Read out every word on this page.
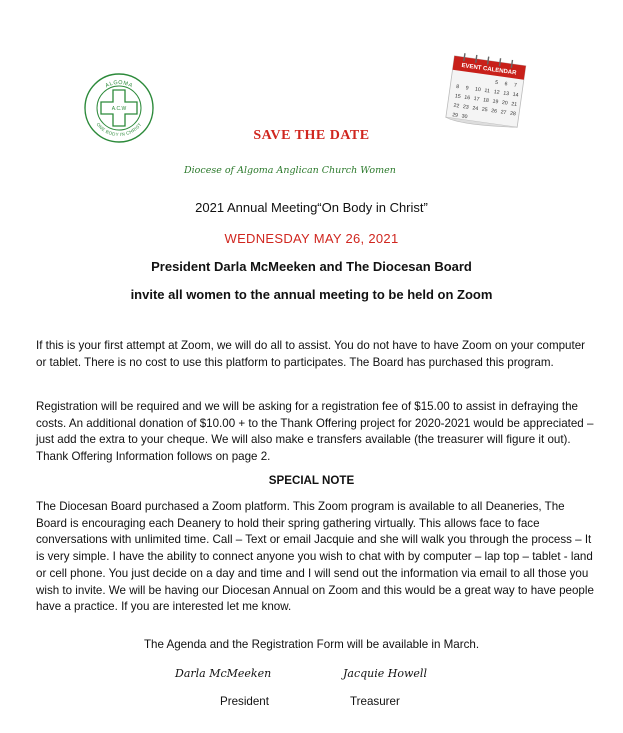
ALGOMA
ONE BODY IN CHRIST
A.C.W
EVENT CALENDAR
5 6 7
8 9 10 11 12 13 14
15 16 17 18 19 20 21
22 23 24 25 26 27 28
29 30
SAVE THE DATE
Diocese of Algoma Anglican Church Women
2021 Annual Meeting“On Body in Christ”
WEDNESDAY MAY 26, 2021
President Darla McMeeken and The Diocesan Board
invite all women to the annual meeting to be held on Zoom

If this is your first attempt at Zoom, we will do all to assist. You do not have to have Zoom on your computer or tablet. There is no cost to use this platform to participates. The Board has purchased this program.

Registration will be required and we will be asking for a registration fee of $15.00 to assist in defraying the costs. An additional donation of $10.00 + to the Thank Offering project for 2020-2021 would be appreciated – just add the extra to your cheque. We will also make e transfers available (the treasurer will figure it out). Thank Offering Information follows on page 2.

SPECIAL NOTE

The Diocesan Board purchased a Zoom platform. This Zoom program is available to all Deaneries, The Board is encouraging each Deanery to hold their spring gathering virtually. This allows face to face conversations with unlimited time. Call – Text or email Jacquie and she will walk you through the process – It is very simple. I have the ability to connect anyone you wish to chat with by computer – lap top – tablet - land or cell phone. You just decide on a day and time and I will send out the information via email to all those you wish to invite. We will be having our Diocesan Annual on Zoom and this would be a great way to have people have a practice. If you are interested let me know.

The Agenda and the Registration Form will be available in March.
Darla McMeeken	Jacquie Howell
President	Treasurer
